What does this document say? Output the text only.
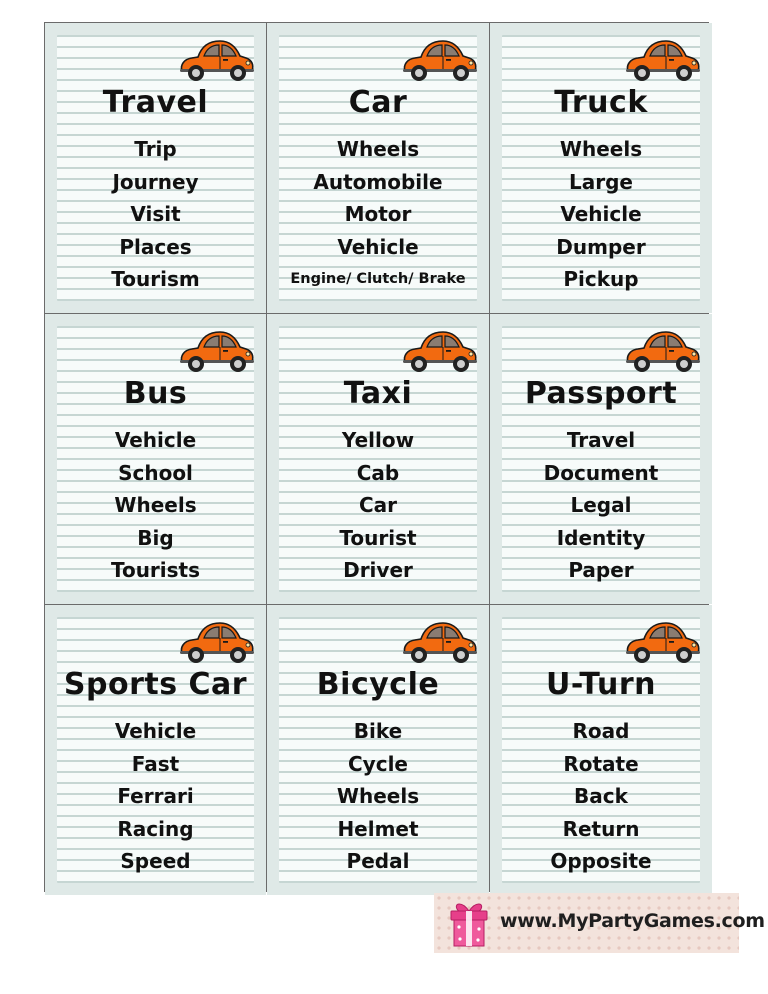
Travel
Trip
Journey
Visit
Places
Tourism
Car
Wheels
Automobile
Motor
Vehicle
Engine/ Clutch/ Brake
Truck
Wheels
Large
Vehicle
Dumper
Pickup
Bus
Vehicle
School
Wheels
Big
Tourists
Taxi
Yellow
Cab
Car
Tourist
Driver
Passport
Travel
Document
Legal
Identity
Paper
Sports Car
Vehicle
Fast
Ferrari
Racing
Speed
Bicycle
Bike
Cycle
Wheels
Helmet
Pedal
U-Turn
Road
Rotate
Back
Return
Opposite
www.MyPartyGames.com
